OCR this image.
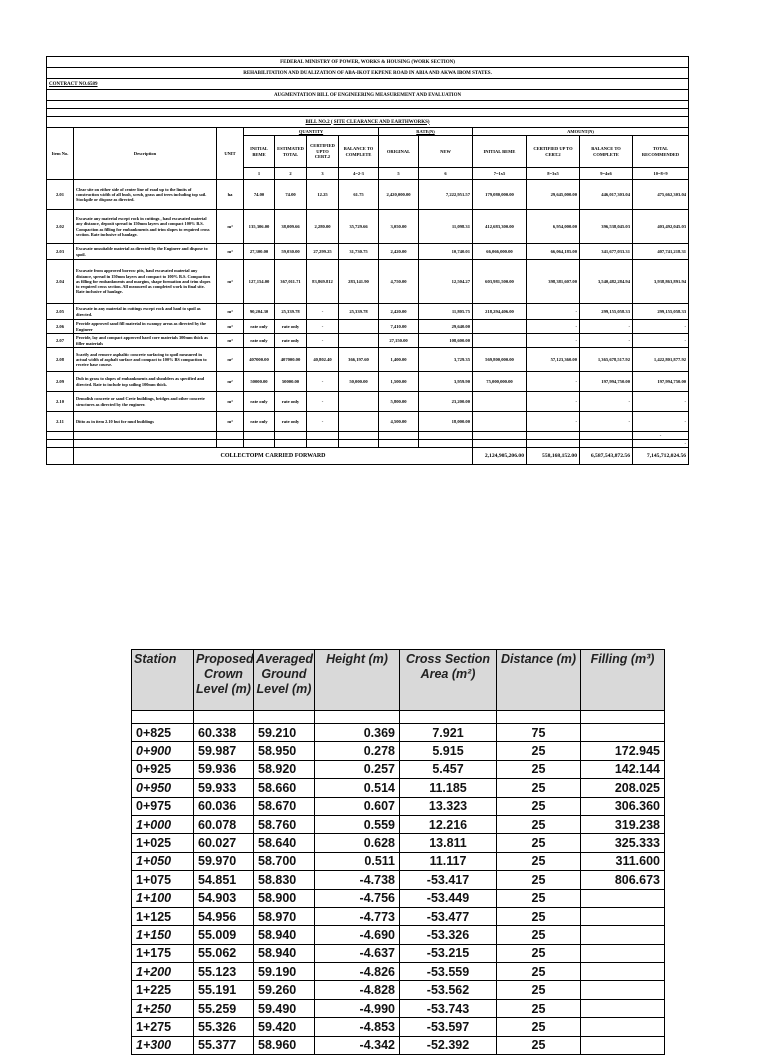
FEDERAL MINISTRY OF POWER, WORKS & HOUSING (WORK SECTION)												
REHABILITATION AND DUALIZATION OF ABA-IKOT EKPENE ROAD IN ABIA AND AKWA IBOM STATES.												
CONTRACT NO.6589												
AUGMENTATION BILL OF ENGINEERING MEASUREMENT AND EVALUATION												

BILL NO.2 ( SITE CLEARANCE AND EARTHWORKS)												
Item No.	Description	UNIT	QUANTITY				RATE(N)		AMOUNT(N)			
			INITIAL BEME	ESTIMATED TOTAL	CERTIFIED UPTO CERT.2	BALANCE TO COMPLETE	ORIGINAL	NEW	INITIAL BEME	CERTIFIED UP TO CERT.2	BALANCE TO COMPLETE	TOTAL RECOMMENDED
			1	2	3	4=2-3	5	6	7=1x5	8=3x5	9=4x6	10=8+9
2.01	Clear site on either side of center line of road up to the limits of construction width of all bush, scrub, grass and trees including top soil. Stockpile or dispose as directed.	ha	74.00	74.00	12.25	61.75	2,420,000.00	7,222,951.57	179,080,000.00	29,645,000.00	446,017,303.04	475,662,303.04
2.02	Excavate any material except rock in cuttings , haul excavated material any distance, deposit spread in 150mm layers and compact 100% B.S. Compaction as filling for embankments and trim slopes to required cross section. Rate inclusive of haulage.	m³	135,306.00	38,009.66	2,280.00	35,729.66	3,050.00	11,098.31	412,683,300.00	6,954,000.00	396,538,045.03	403,492,045.03
2.03	Excavate unsuitable material as directed by the Engineer and dispose to spoil.	m³	27,300.00	59,030.00	27,299.25	31,730.75	2,420.00	10,740.01	66,066,000.00	66,064,185.00	341,677,033.31	407,741,218.31
2.04	Excavate from approved borrow pits, haul excavated material any distance, spread in 150mm layers and compact to 100% B.S. Compaction as filling for embankments and margins, shape formation and trim slopes to required cross section. All measured as completed work in final site. Rate inclusive of haulage.	m³	127,154.00	367,011.71	83,869.812	283,141.90	4,750.00	12,504.27	603,981,500.00	398,381,607.00	3,540,482,284.94	3,938,863,891.94
2.05	Excavate in any material in cuttings except rock and haul to spoil as directed.	m³	90,204.30	25,339.78	-	25,339.78	2,420.00	11,805.75	218,294,406.00	-	299,155,058.33	299,155,058.33
2.06	Provide approved sand fill material in swampy areas as directed by the Engineer	m³	rate only	rate only	-		7,410.00	29,640.00		-	-	-
2.07	Provide, lay and compact approved hard core materials 300mm thick as filler materials	m³	rate only	rate only	-		27,150.00	108,600.00		-	-	-
2.08	Scarify and remove asphaltic concrete surfacing to spoil measured in actual width of asphalt surface and compact to 100% BS compaction to receive base course.	m²	407000.00	407000.00	40,802.40	366,197.60	1,400.00	3,729.35	569,800,000.00	57,123,360.00	1,365,678,517.92	1,422,801,877.92
2.09	Dub in grass to slopes of embankments and shoulders as specified and directed. Rate to include top soiling 100mm thick.	m²	50000.00	50000.00	-	50,000.00	1,500.00	3,959.90	75,000,000.00	-	197,994,750.00	197,994,750.00
2.10	Demolish concrete or sand Crete buildings, bridges and other concrete structures as directed by the engineer.	m³	rate only	rate only	-		5,800.00	23,200.00		-	-	-
2.11	Ditto as in item 2.10 but for mud buildings	m³	rate only	rate only	-		4,500.00	18,000.00		-	-	-
												-
												-
	COLLECTOPM CARRIED FORWARD								2,124,905,206.00	558,168,152.00	6,587,543,872.56	7,145,712,024.56
Station	Proposed Crown Level (m)	Averaged Ground Level (m)	Height (m)	Cross Section Area (m²)	Distance (m)	Filling (m³)

0+825	60.338	59.210	0.369	7.921	75	
0+900	59.987	58.950	0.278	5.915	25	172.945
0+925	59.936	58.920	0.257	5.457	25	142.144
0+950	59.933	58.660	0.514	11.185	25	208.025
0+975	60.036	58.670	0.607	13.323	25	306.360
1+000	60.078	58.760	0.559	12.216	25	319.238
1+025	60.027	58.640	0.628	13.811	25	325.333
1+050	59.970	58.700	0.511	11.117	25	311.600
1+075	54.851	58.830	-4.738	-53.417	25	806.673
1+100	54.903	58.900	-4.756	-53.449	25	
1+125	54.956	58.970	-4.773	-53.477	25	
1+150	55.009	58.940	-4.690	-53.326	25	
1+175	55.062	58.940	-4.637	-53.215	25	
1+200	55.123	59.190	-4.826	-53.559	25	
1+225	55.191	59.260	-4.828	-53.562	25	
1+250	55.259	59.490	-4.990	-53.743	25	
1+275	55.326	59.420	-4.853	-53.597	25	
1+300	55.377	58.960	-4.342	-52.392	25	
